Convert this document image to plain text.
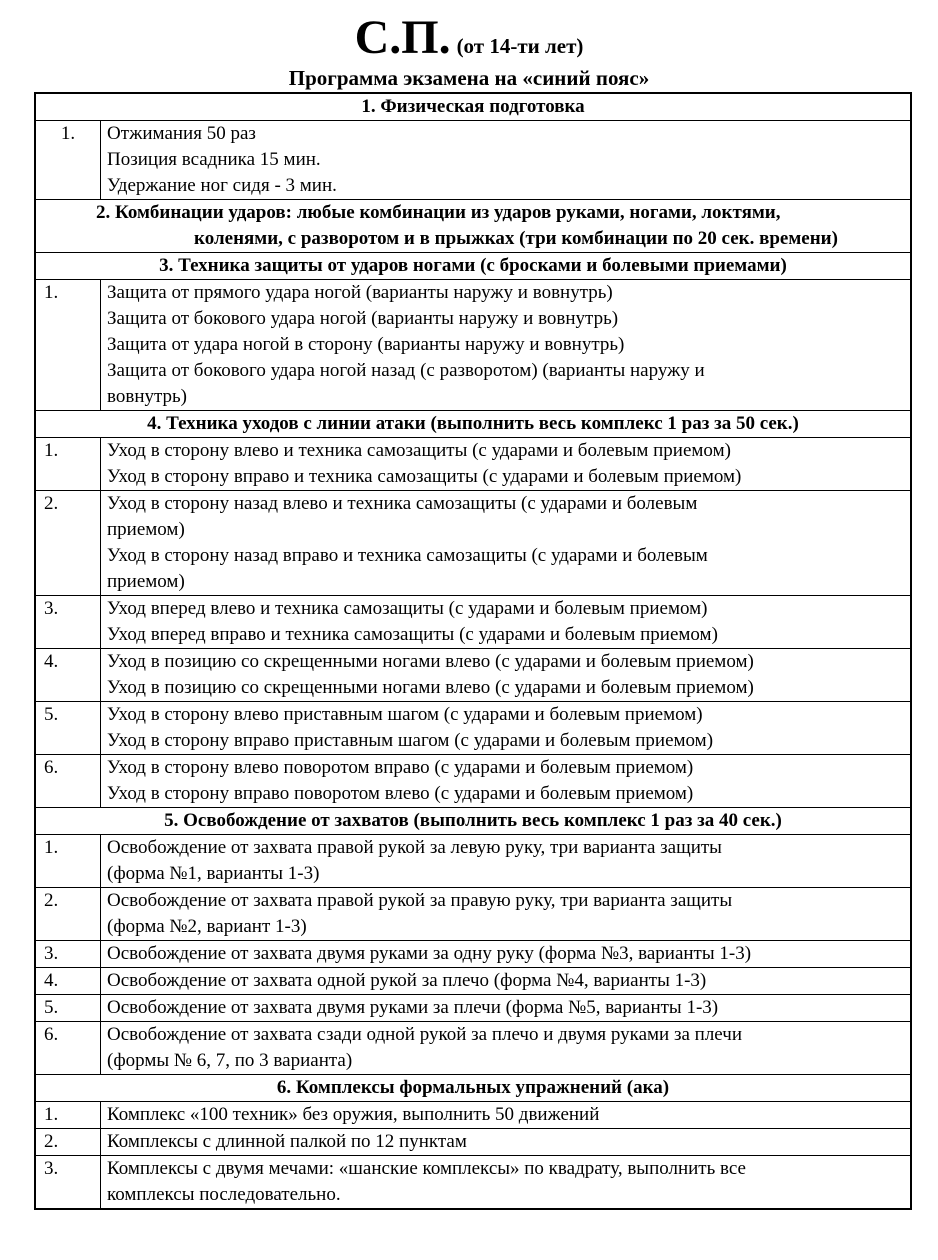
С.П. (от 14-ти лет)
Программа экзамена на «синий пояс»
1. Физическая подготовка	
1.	Отжимания 50 раз
Позиция всадника 15 мин.
Удержание ног сидя - 3 мин.

2. Комбинации ударов: любые комбинации из ударов руками, ногами, локтями,
коленями, с разворотом и в прыжках (три комбинации по 20 сек. времени)	

3. Техника защиты от ударов ногами (с бросками и болевыми приемами)	
1.	Защита от прямого удара ногой (варианты наружу и вовнутрь)
Защита от бокового удара ногой (варианты наружу и вовнутрь)
Защита от удара ногой в сторону (варианты наружу и вовнутрь)
Защита от бокового удара ногой назад (с разворотом) (варианты наружу и
вовнутрь)

4. Техника уходов с линии атаки (выполнить весь комплекс 1 раз за 50 сек.)	
1.	Уход в сторону влево и техника самозащиты (с ударами и болевым приемом)
Уход в сторону вправо и техника самозащиты (с ударами и болевым приемом)

2.	Уход в сторону назад влево и техника самозащиты (с ударами и болевым
приемом)
Уход в сторону назад вправо и техника самозащиты (с ударами и болевым
приемом)

3.	Уход вперед влево и техника самозащиты (с ударами и болевым приемом)
Уход вперед вправо и техника самозащиты (с ударами и болевым приемом)

4.	Уход в позицию со скрещенными ногами влево (с ударами и болевым приемом)
Уход в позицию со скрещенными ногами влево (с ударами и болевым приемом)

5.	Уход в сторону влево приставным шагом (с ударами и болевым приемом)
Уход в сторону вправо приставным шагом (с ударами и болевым приемом)

6.	Уход в сторону влево поворотом вправо (с ударами и болевым приемом)
Уход в сторону вправо поворотом влево (с ударами и болевым приемом)

5. Освобождение от захватов (выполнить весь комплекс 1 раз за 40 сек.)	
1.	Освобождение от захвата правой рукой за левую руку, три варианта защиты
(форма №1, варианты 1-3)

2.	Освобождение от захвата правой рукой за правую руку, три варианта защиты
(форма №2, вариант 1-3)

3.	Освобождение от захвата двумя руками за одну руку (форма №3, варианты 1-3)

4.	Освобождение от захвата одной рукой за плечо (форма №4, варианты 1-3)

5.	Освобождение от захвата двумя руками за плечи (форма №5, варианты 1-3)

6.	Освобождение от захвата сзади одной рукой за плечо и двумя руками за плечи
(формы № 6, 7, по 3 варианта)

6. Комплексы формальных упражнений (ака)	
1.	Комплекс «100 техник» без оружия, выполнить 50 движений

2.	Комплексы с длинной палкой по 12 пунктам

3.	Комплексы с двумя мечами: «шанские комплексы» по квадрату, выполнить все
комплексы последовательно.
